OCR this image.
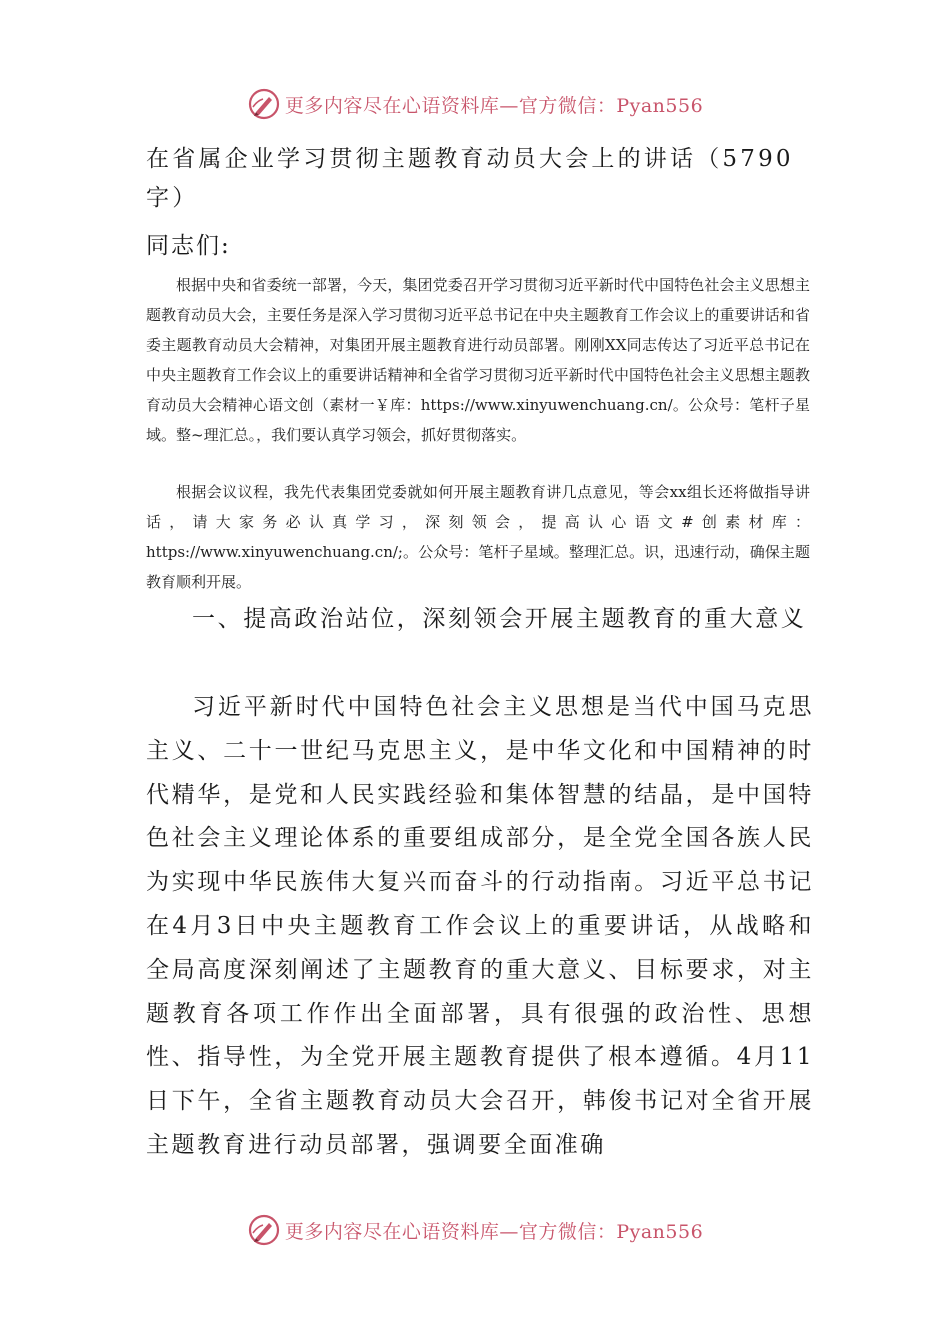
更多内容尽在心语资料库—官方微信：Pyan556
在省属企业学习贯彻主题教育动员大会上的讲话（5790字）

同志们:

根据中央和省委统一部署，今天，集团党委召开学习贯彻习近平新时代中国特色社会主义思想主题教育动员大会，主要任务是深入学习贯彻习近平总书记在中央主题教育工作会议上的重要讲话和省委主题教育动员大会精神，对集团开展主题教育进行动员部署。刚刚XX同志传达了习近平总书记在中央主题教育工作会议上的重要讲话精神和全省学习贯彻习近平新时代中国特色社会主义思想主题教育动员大会精神心语文创（素材一￥库：https://www.xinyuwenchuang.cn/。公众号：笔杆子星域。整~理汇总。，我们要认真学习领会，抓好贯彻落实。

根据会议议程，我先代表集团党委就如何开展主题教育讲几点意见，等会xx组长还将做指导讲话，请大家务必认真学习，深刻领会，提高认心语文#创素材库：https://www.xinyuwenchuang.cn/;。公众号：笔杆子星域。整理汇总。识，迅速行动，确保主题教育顺利开展。

一、提高政治站位，深刻领会开展主题教育的重大意义

习近平新时代中国特色社会主义思想是当代中国马克思主义、二十一世纪马克思主义，是中华文化和中国精神的时代精华，是党和人民实践经验和集体智慧的结晶，是中国特色社会主义理论体系的重要组成部分，是全党全国各族人民为实现中华民族伟大复兴而奋斗的行动指南。习近平总书记在4月3日中央主题教育工作会议上的重要讲话，从战略和全局高度深刻阐述了主题教育的重大意义、目标要求，对主题教育各项工作作出全面部署，具有很强的政治性、思想性、指导性，为全党开展主题教育提供了根本遵循。4月11日下午，全省主题教育动员大会召开，韩俊书记对全省开展主题教育进行动员部署，强调要全面准确

更多内容尽在心语资料库—官方微信：Pyan556
